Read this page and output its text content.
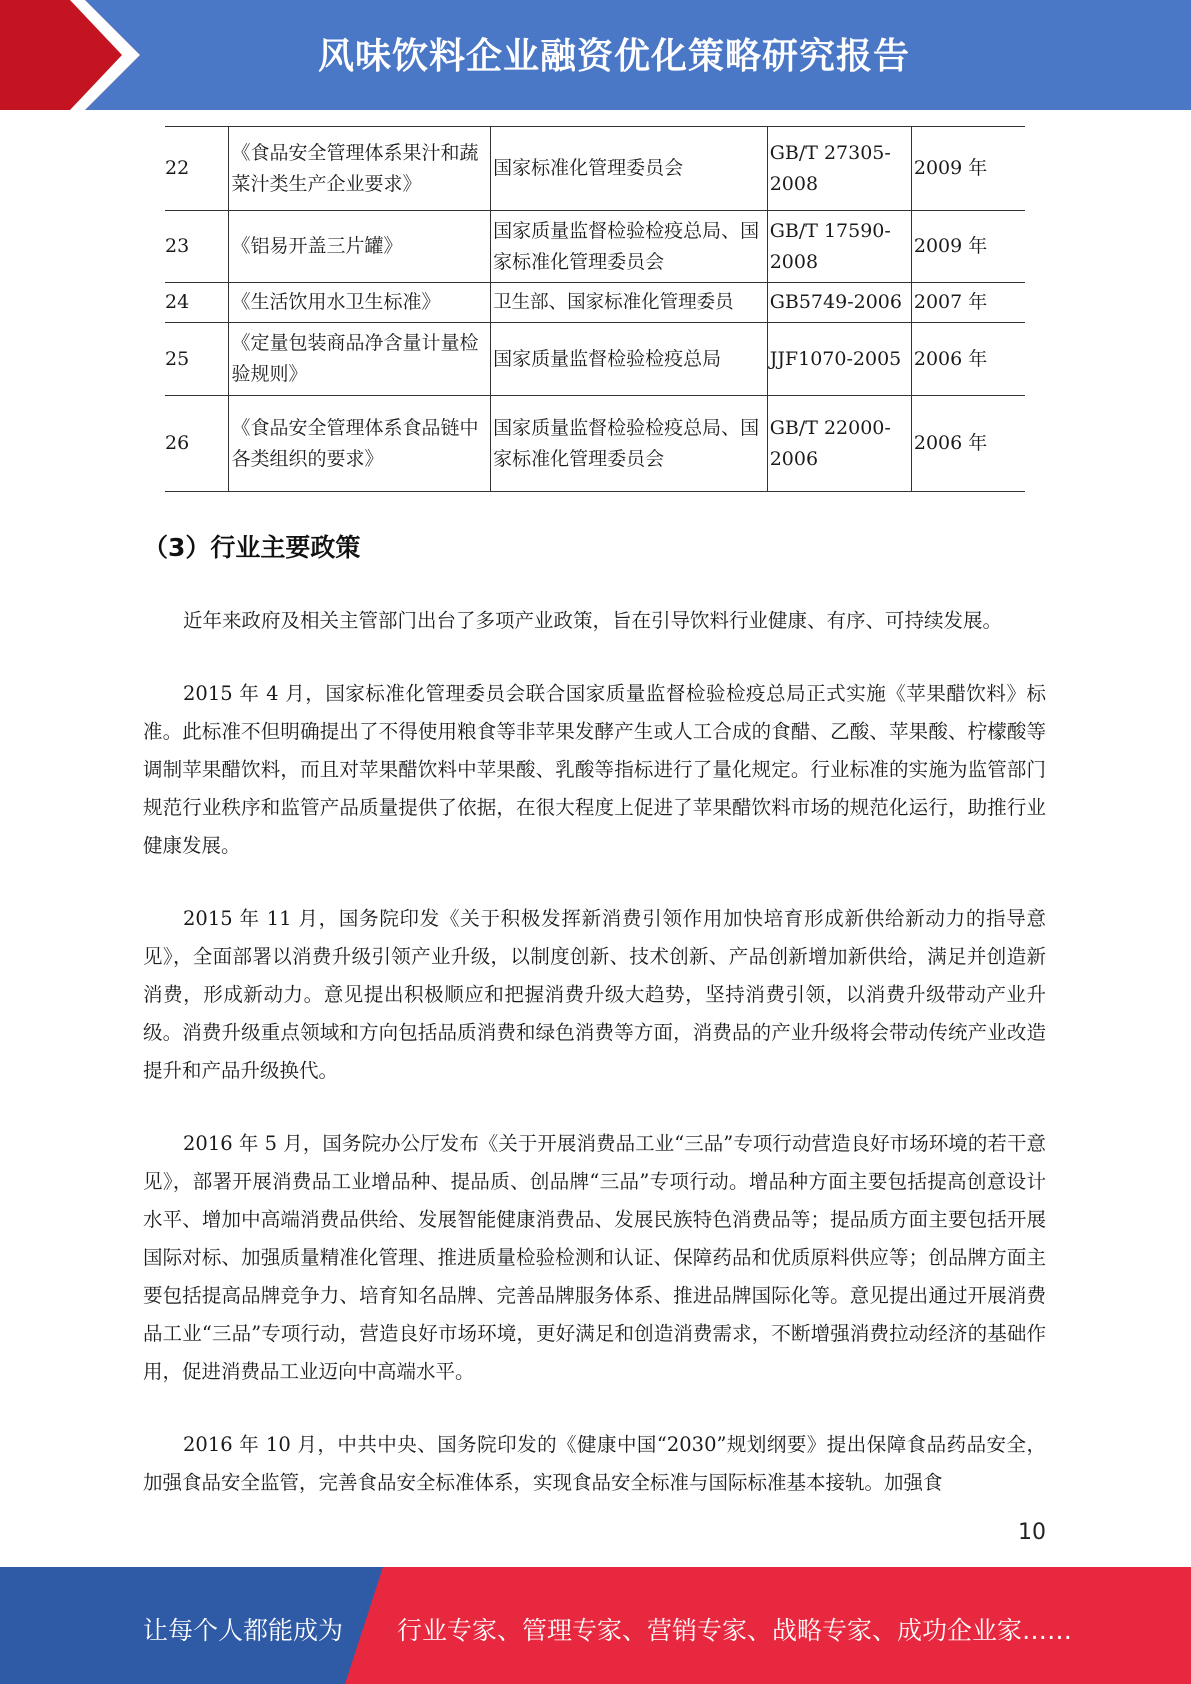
风味饮料企业融资优化策略研究报告
22	《食品安全管理体系果汁和蔬菜汁类生产企业要求》	国家标准化管理委员会	GB/T 27305-2008	2009 年
23	《铝易开盖三片罐》	国家质量监督检验检疫总局、国家标准化管理委员会	GB/T 17590-2008	2009 年
24	《生活饮用水卫生标准》	卫生部、国家标准化管理委员	GB5749-2006	2007 年
25	《定量包装商品净含量计量检验规则》	国家质量监督检验检疫总局	JJF1070-2005	2006 年
26	《食品安全管理体系食品链中各类组织的要求》	国家质量监督检验检疫总局、国家标准化管理委员会	GB/T 22000-2006	2006 年
（3）行业主要政策

近年来政府及相关主管部门出台了多项产业政策，旨在引导饮料行业健康、有序、可持续发展。

2015 年 4 月，国家标准化管理委员会联合国家质量监督检验检疫总局正式实施《苹果醋饮料》标准。此标准不但明确提出了不得使用粮食等非苹果发酵产生或人工合成的食醋、乙酸、苹果酸、柠檬酸等调制苹果醋饮料，而且对苹果醋饮料中苹果酸、乳酸等指标进行了量化规定。行业标准的实施为监管部门规范行业秩序和监管产品质量提供了依据，在很大程度上促进了苹果醋饮料市场的规范化运行，助推行业健康发展。

2015 年 11 月，国务院印发《关于积极发挥新消费引领作用加快培育形成新供给新动力的指导意见》，全面部署以消费升级引领产业升级，以制度创新、技术创新、产品创新增加新供给，满足并创造新消费，形成新动力。意见提出积极顺应和把握消费升级大趋势，坚持消费引领，以消费升级带动产业升级。消费升级重点领域和方向包括品质消费和绿色消费等方面，消费品的产业升级将会带动传统产业改造提升和产品升级换代。

2016 年 5 月，国务院办公厅发布《关于开展消费品工业“三品”专项行动营造良好市场环境的若干意见》，部署开展消费品工业增品种、提品质、创品牌“三品”专项行动。增品种方面主要包括提高创意设计水平、增加中高端消费品供给、发展智能健康消费品、发展民族特色消费品等；提品质方面主要包括开展国际对标、加强质量精准化管理、推进质量检验检测和认证、保障药品和优质原料供应等；创品牌方面主要包括提高品牌竞争力、培育知名品牌、完善品牌服务体系、推进品牌国际化等。意见提出通过开展消费品工业“三品”专项行动，营造良好市场环境，更好满足和创造消费需求，不断增强消费拉动经济的基础作用，促进消费品工业迈向中高端水平。

2016 年 10 月，中共中央、国务院印发的《健康中国“2030”规划纲要》提出保障食品药品安全，加强食品安全监管，完善食品安全标准体系，实现食品安全标准与国际标准基本接轨。加强食

10
让每个人都能成为 行业专家、管理专家、营销专家、战略专家、成功企业家……
